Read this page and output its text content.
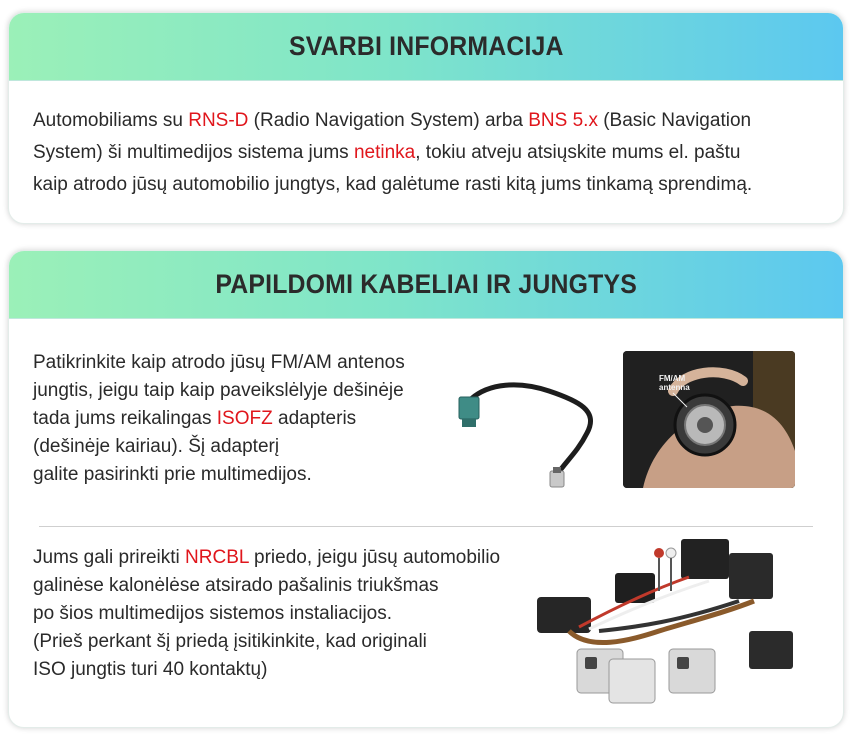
SVARBI INFORMACIJA
Automobiliams su RNS-D (Radio Navigation System) arba BNS 5.x (Basic Navigation
System) ši multimedijos sistema jums netinka, tokiu atveju atsiųskite mums el. paštu
kaip atrodo jūsų automobilio jungtys, kad galėtume rasti kitą jums tinkamą sprendimą.
PAPILDOMI KABELIAI IR JUNGTYS
Patikrinkite kaip atrodo jūsų FM/AM antenos
jungtis, jeigu taip kaip paveikslėlyje dešinėje
tada jums reikalingas ISOFZ adapteris
(dešinėje kairiau). Šį adapterį
galite pasirinkti prie multimedijos.
FM/AM
antenna
Jums gali prireikti NRCBL priedo, jeigu jūsų automobilio
galinėse kalonėlėse atsirado pašalinis triukšmas
po šios multimedijos sistemos instaliacijos.
(Prieš perkant šį priedą įsitikinkite, kad originali
ISO jungtis turi 40 kontaktų)
